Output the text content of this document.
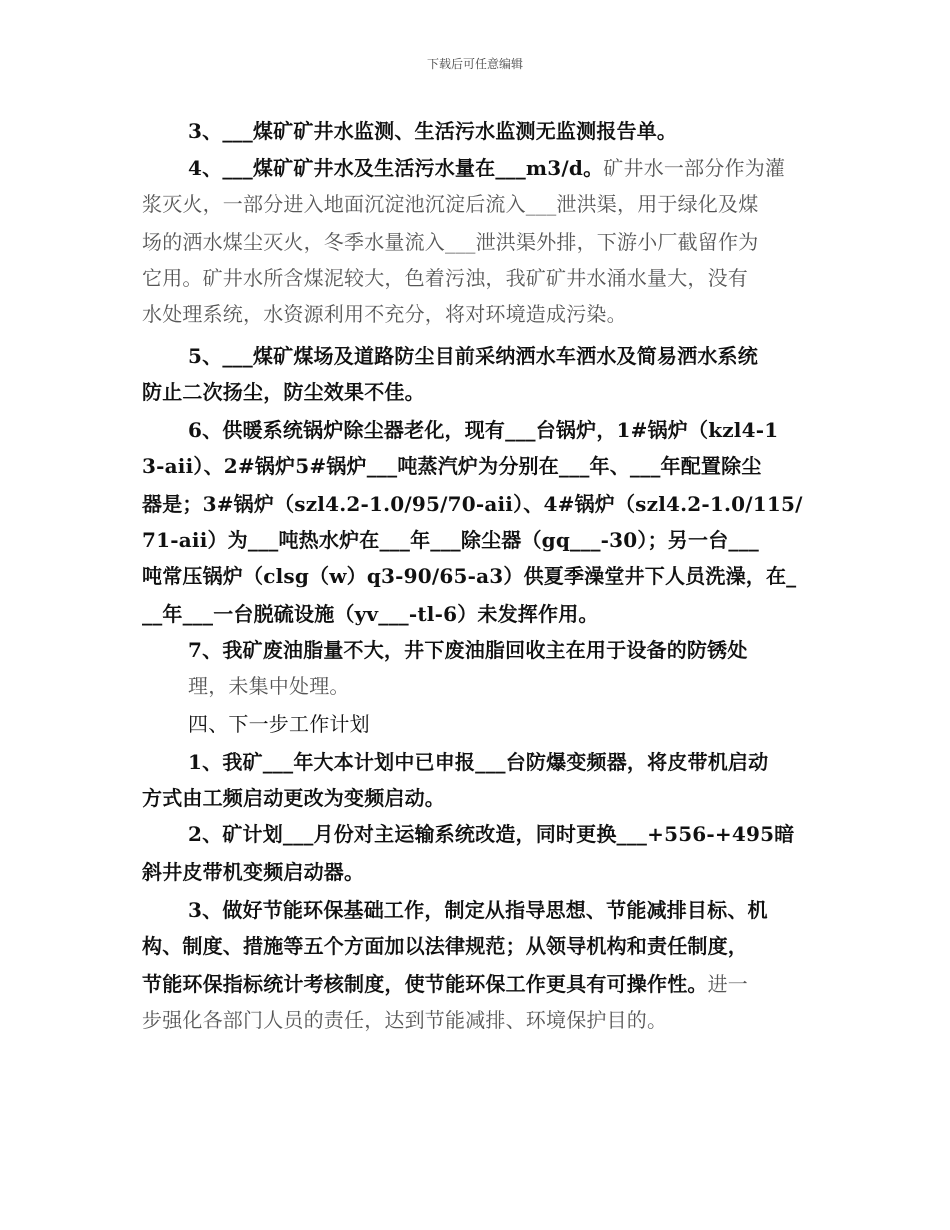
下载后可任意编辑
3、___煤矿矿井水监测、生活污水监测无监测报告单。
4、___煤矿矿井水及生活污水量在___m3/d。矿井水一部分作为灌
浆灭火，一部分进入地面沉淀池沉淀后流入___泄洪渠，用于绿化及煤
场的洒水煤尘灭火，冬季水量流入___泄洪渠外排，下游小厂截留作为
它用。矿井水所含煤泥较大，色着污浊，我矿矿井水涌水量大，没有
水处理系统，水资源利用不充分，将对环境造成污染。
5、___煤矿煤场及道路防尘目前采纳洒水车洒水及简易洒水系统
防止二次扬尘，防尘效果不佳。
6、供暖系统锅炉除尘器老化，现有___台锅炉，1#锅炉（kzl4-1
3-aii）、2#锅炉5#锅炉___吨蒸汽炉为分别在___年、___年配置除尘
器是；3#锅炉（szl4.2-1.0/95/70-aii）、4#锅炉（szl4.2-1.0/115/
71-aii）为___吨热水炉在___年___除尘器（gq___-30）；另一台___
吨常压锅炉（clsg（w）q3-90/65-a3）供夏季澡堂井下人员洗澡，在_
__年___一台脱硫设施（yv___-tl-6）未发挥作用。
7、我矿废油脂量不大，井下废油脂回收主在用于设备的防锈处
理，未集中处理。
四、下一步工作计划
1、我矿___年大本计划中已申报___台防爆变频器，将皮带机启动
方式由工频启动更改为变频启动。
2、矿计划___月份对主运输系统改造，同时更换___+556-+495暗
斜井皮带机变频启动器。
3、做好节能环保基础工作，制定从指导思想、节能减排目标、机
构、制度、措施等五个方面加以法律规范；从领导机构和责任制度，
节能环保指标统计考核制度，使节能环保工作更具有可操作性。进一
步强化各部门人员的责任，达到节能减排、环境保护目的。
